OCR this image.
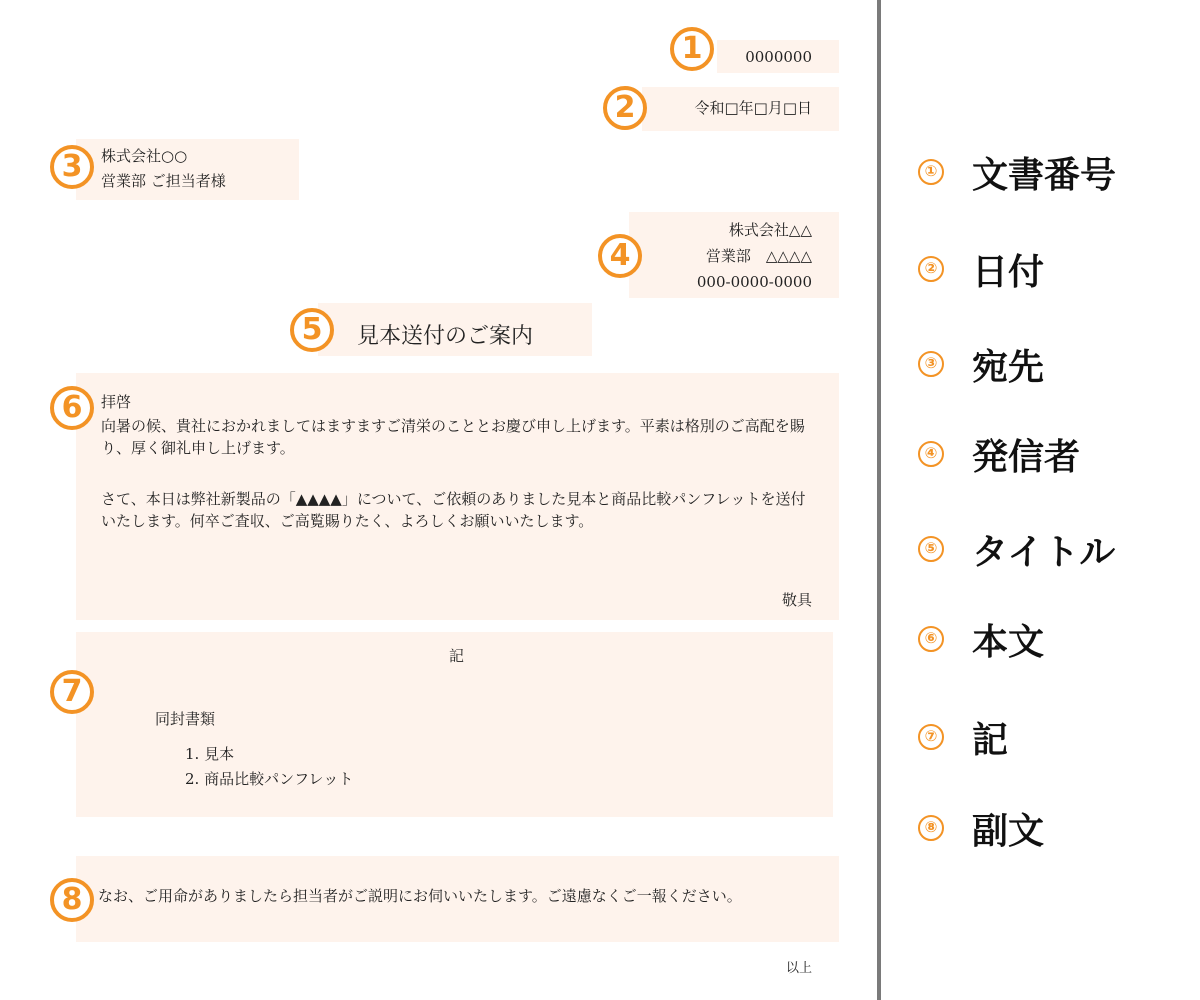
0000000
1
令和□年□月□日
2
株式会社○○
営業部 ご担当者様
3
株式会社△△
営業部　△△△△
000-0000-0000
4
見本送付のご案内
5
拝啓
向暑の候、貴社におかれましてはますますご清栄のこととお慶び申し上げます。平素は格別のご高配を賜り、厚く御礼申し上げます。
さて、本日は弊社新製品の「▲▲▲▲」について、ご依頼のありました見本と商品比較パンフレットを送付いたします。何卒ご査収、ご高覧賜りたく、よろしくお願いいたします。
敬具
6
記
同封書類
1. 見本
2. 商品比較パンフレット
7
なお、ご用命がありましたら担当者がご説明にお伺いいたします。ご遠慮なくご一報ください。
8
以上
① 文書番号
② 日付
③ 宛先
④ 発信者
⑤ タイトル
⑥ 本文
⑦ 記
⑧ 副文
